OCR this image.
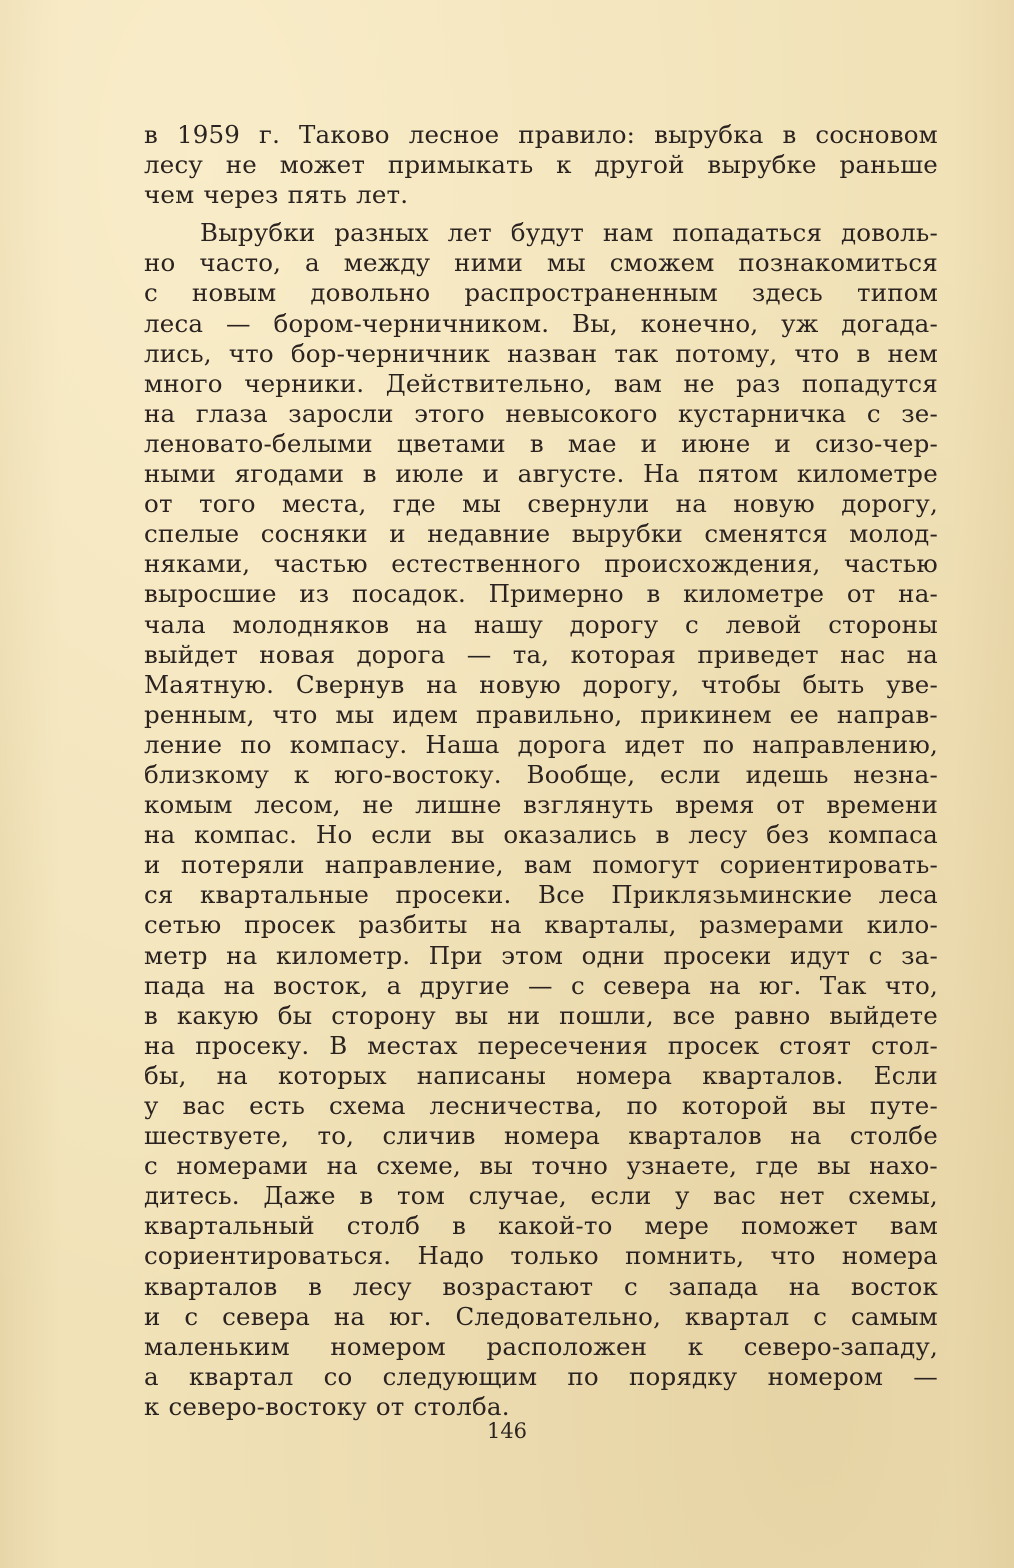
в 1959 г. Таково лесное правило: вырубка в сосновом
лесу не может примыкать к другой вырубке раньше
чем через пять лет.
Вырубки разных лет будут нам попадаться доволь-
но часто, а между ними мы сможем познакомиться
с новым довольно распространенным здесь типом
леса — бором-черничником. Вы, конечно, уж догада-
лись, что бор-черничник назван так потому, что в нем
много черники. Действительно, вам не раз попадутся
на глаза заросли этого невысокого кустарничка с зе-
леновато-белыми цветами в мае и июне и сизо-чер-
ными ягодами в июле и августе. На пятом километре
от того места, где мы свернули на новую дорогу,
спелые сосняки и недавние вырубки сменятся молод-
няками, частью естественного происхождения, частью
выросшие из посадок. Примерно в километре от на-
чала молодняков на нашу дорогу с левой стороны
выйдет новая дорога — та, которая приведет нас на
Маятную. Свернув на новую дорогу, чтобы быть уве-
ренным, что мы идем правильно, прикинем ее направ-
ление по компасу. Наша дорога идет по направлению,
близкому к юго-востоку. Вообще, если идешь незна-
комым лесом, не лишне взглянуть время от времени
на компас. Но если вы оказались в лесу без компаса
и потеряли направление, вам помогут сориентировать-
ся квартальные просеки. Все Приклязьминские леса
сетью просек разбиты на кварталы, размерами кило-
метр на километр. При этом одни просеки идут с за-
пада на восток, а другие — с севера на юг. Так что,
в какую бы сторону вы ни пошли, все равно выйдете
на просеку. В местах пересечения просек стоят стол-
бы, на которых написаны номера кварталов. Если
у вас есть схема лесничества, по которой вы путе-
шествуете, то, сличив номера кварталов на столбе
с номерами на схеме, вы точно узнаете, где вы нахо-
дитесь. Даже в том случае, если у вас нет схемы,
квартальный столб в какой-то мере поможет вам
сориентироваться. Надо только помнить, что номера
кварталов в лесу возрастают с запада на восток
и с севера на юг. Следовательно, квартал с самым
маленьким номером расположен к северо-западу,
а квартал со следующим по порядку номером —
к северо-востоку от столба.
146
